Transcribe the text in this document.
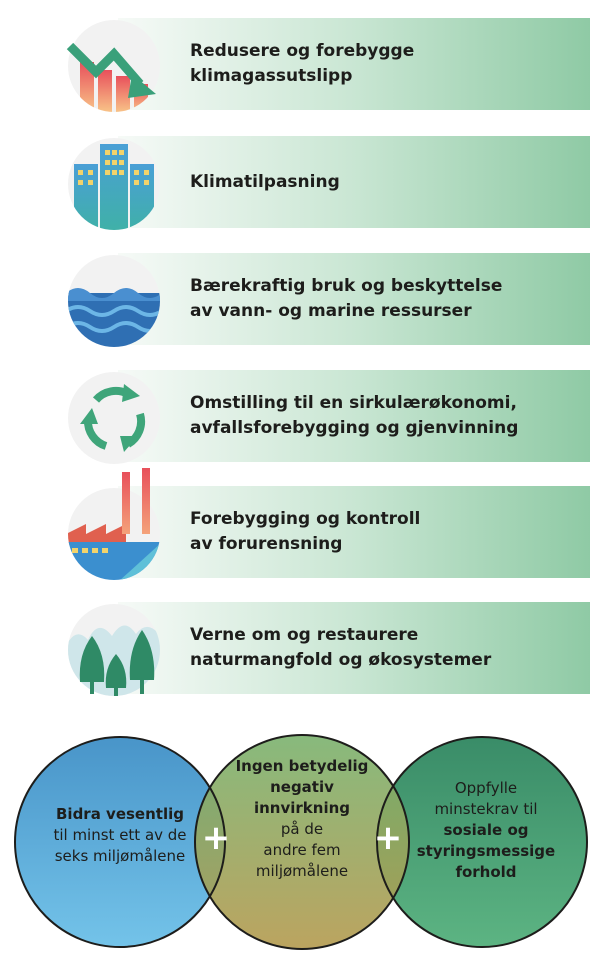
Redusere og forebygge
klimagassutslipp
Klimatilpasning
Bærekraftig bruk og beskyttelse
av vann- og marine ressurser
Omstilling til en sirkulærøkonomi,
avfallsforebygging og gjenvinning
Forebygging og kontroll
av forurensning
Verne om og restaurere
naturmangfold og økosystemer
+	+
Bidra vesentlig
til minst ett av de
seks miljømålene
Ingen betydelig
negativ
innvirkning
på de
andre fem
miljømålene
Oppfylle
minstekrav til
sosiale og
styringsmessige
forhold
